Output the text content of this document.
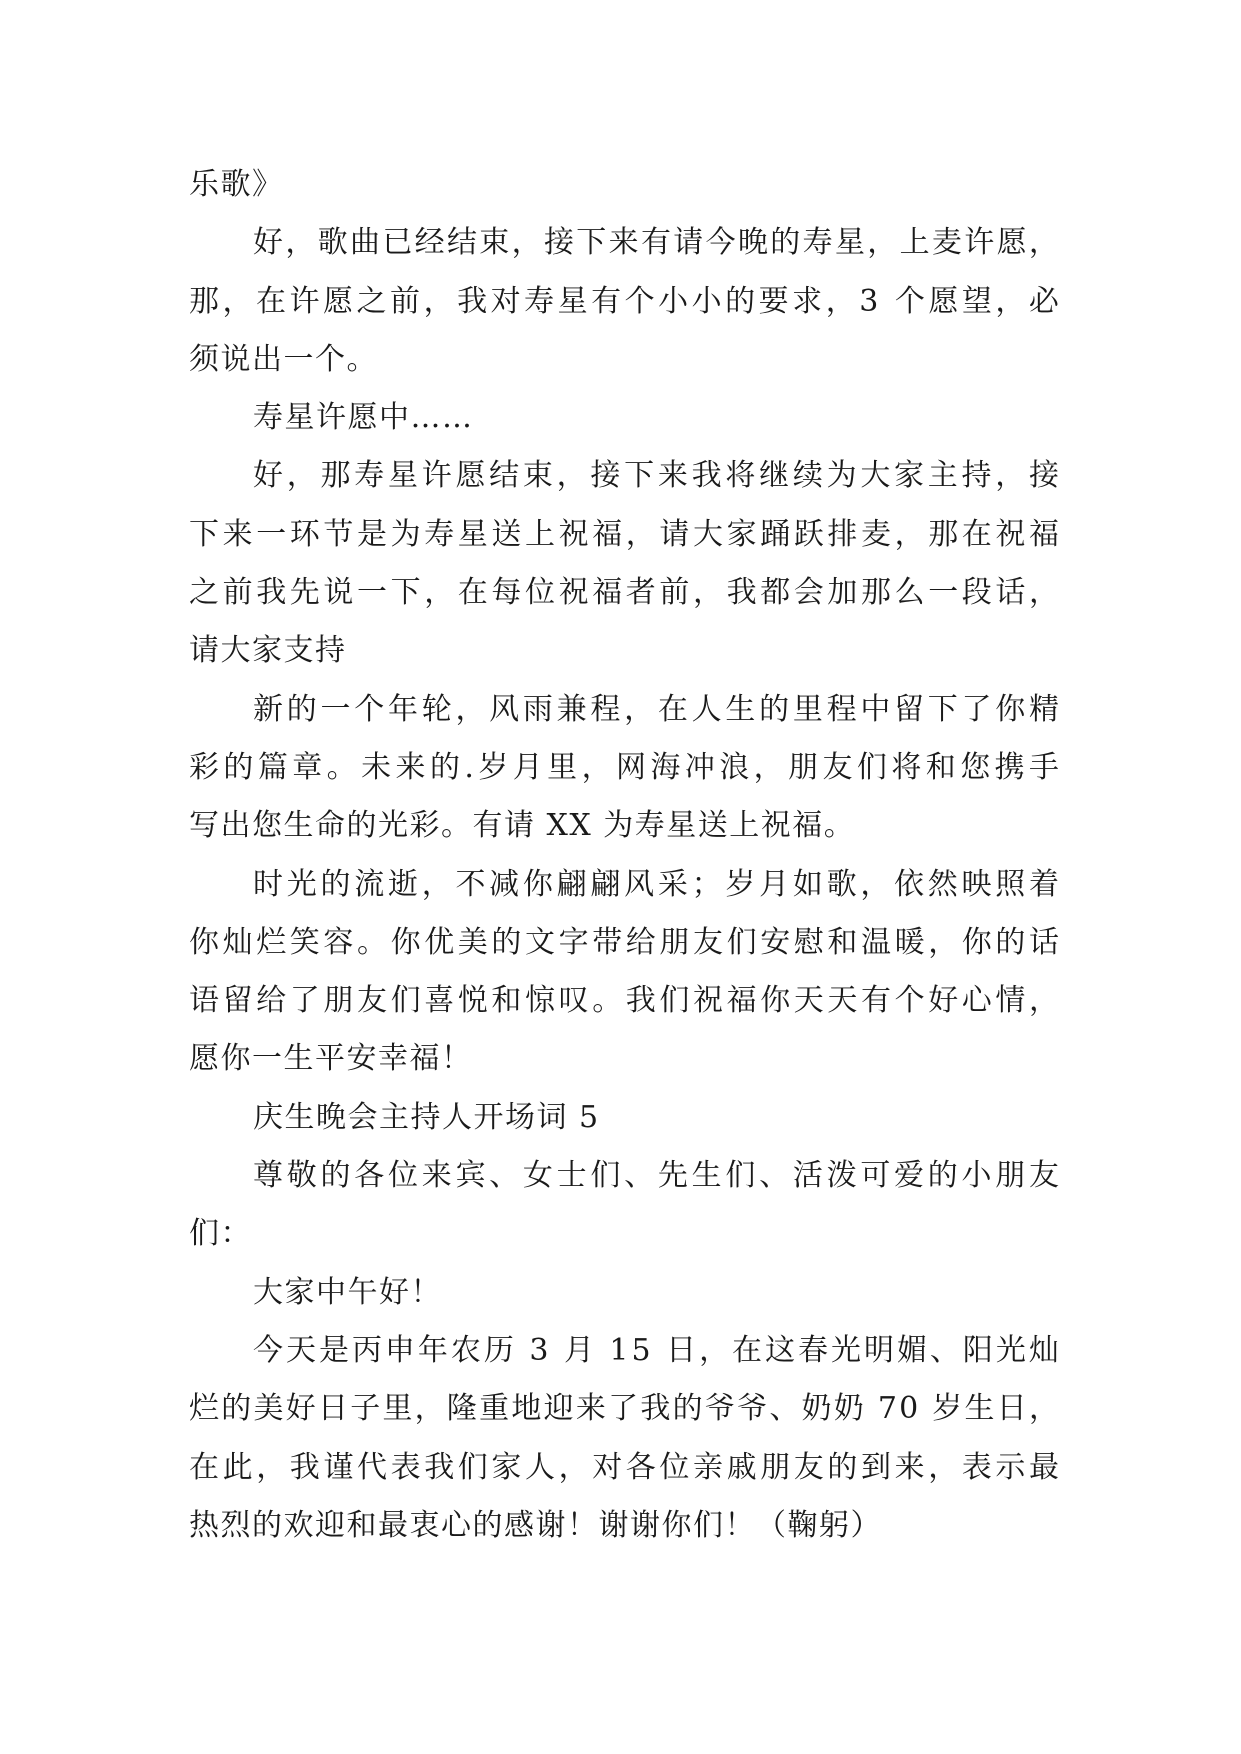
乐歌》
好，歌曲已经结束，接下来有请今晚的寿星，上麦许愿，
那，在许愿之前，我对寿星有个小小的要求，3 个愿望，必
须说出一个。
寿星许愿中……
好，那寿星许愿结束，接下来我将继续为大家主持，接
下来一环节是为寿星送上祝福，请大家踊跃排麦，那在祝福
之前我先说一下，在每位祝福者前，我都会加那么一段话，
请大家支持
新的一个年轮，风雨兼程，在人生的里程中留下了你精
彩的篇章。未来的.岁月里，网海冲浪，朋友们将和您携手
写出您生命的光彩。有请 XX 为寿星送上祝福。
时光的流逝，不减你翩翩风采；岁月如歌，依然映照着
你灿烂笑容。你优美的文字带给朋友们安慰和温暖，你的话
语留给了朋友们喜悦和惊叹。我们祝福你天天有个好心情，
愿你一生平安幸福！
庆生晚会主持人开场词 5
尊敬的各位来宾、女士们、先生们、活泼可爱的小朋友
们：
大家中午好！
今天是丙申年农历 3 月 15 日，在这春光明媚、阳光灿
烂的美好日子里，隆重地迎来了我的爷爷、奶奶 70 岁生日，
在此，我谨代表我们家人，对各位亲戚朋友的到来，表示最
热烈的欢迎和最衷心的感谢！谢谢你们！（鞠躬）
